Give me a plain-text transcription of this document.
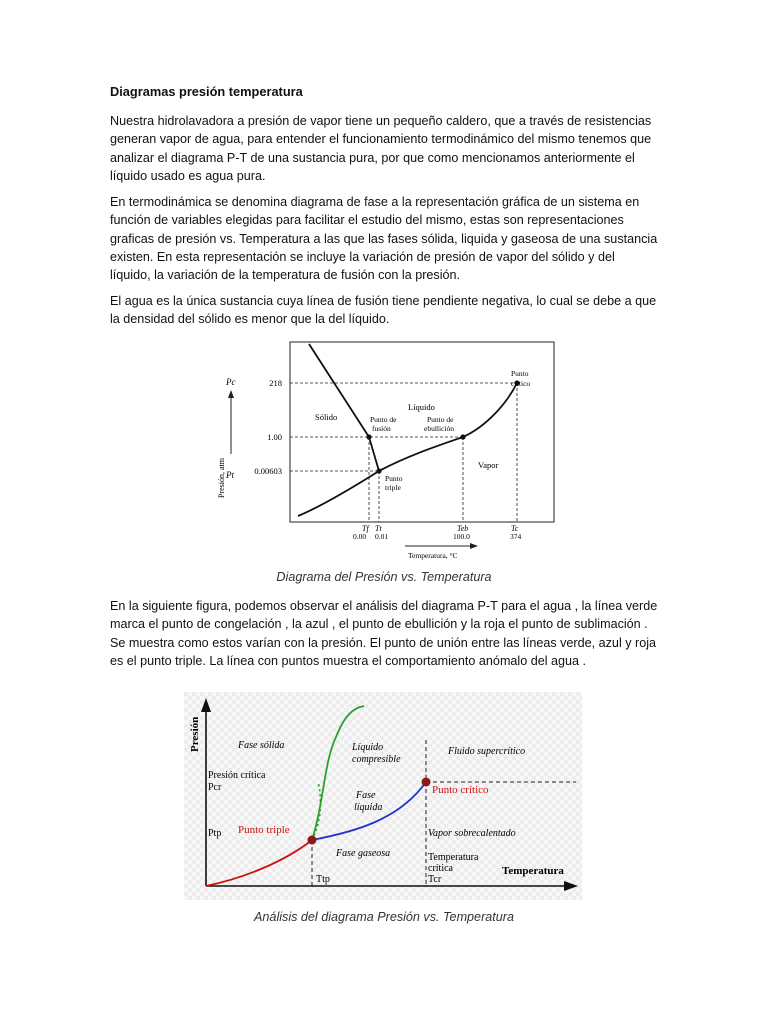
Diagramas presión temperatura

Nuestra hidrolavadora a presión de vapor tiene un pequeño caldero, que a través de resistencias generan vapor de agua, para entender el funcionamiento termodinámico del mismo tenemos que analizar el diagrama P-T de una sustancia pura, por que como mencionamos anteriormente el líquido usado es agua pura.

En termodinámica se denomina diagrama de fase a la representación gráfica de un sistema en función de variables elegidas para facilitar el estudio del mismo, estas son representaciones graficas de presión vs. Temperatura a las que las fases sólida, liquida y gaseosa de una sustancia existen. En esta representación se incluye la variación de presión de vapor del sólido y del líquido, la variación de la temperatura de fusión con la presión.

El agua es la única sustancia cuya línea de fusión tiene pendiente negativa, lo cual se debe a que la densidad del sólido es menor que la del líquido.

Presión, atm
Pc
Pt
218
1.00
0.00603
Sólido
Líquido
Vapor
Punto
crítico
Punto de
fusión
Punto de
ebullición
Punto
triple
Tf Tt	Teb	Tc
0.00 0.01	100.0	374
Temperatura, °C
Diagrama del Presión vs. Temperatura

En la siguiente figura, podemos observar el análisis del diagrama P-T para el agua , la línea verde marca el punto de congelación , la azul , el punto de ebullición y la roja el punto de sublimación . Se muestra como estos varían con la presión. El punto de unión entre las líneas verde, azul y roja es el punto triple. La línea con puntos muestra el comportamiento anómalo del agua .

Presión
Temperatura
Fase sólida	Líquido
compresible
Fluido supercrítico
Presión crítica
Pcr
Ptp
Fase
líquida
Punto triple
Punto crítico
Vapor sobrecalentado
Fase gaseosa	Temperatura
crítica
Tcr
Ttp
Análisis del diagrama Presión vs. Temperatura
